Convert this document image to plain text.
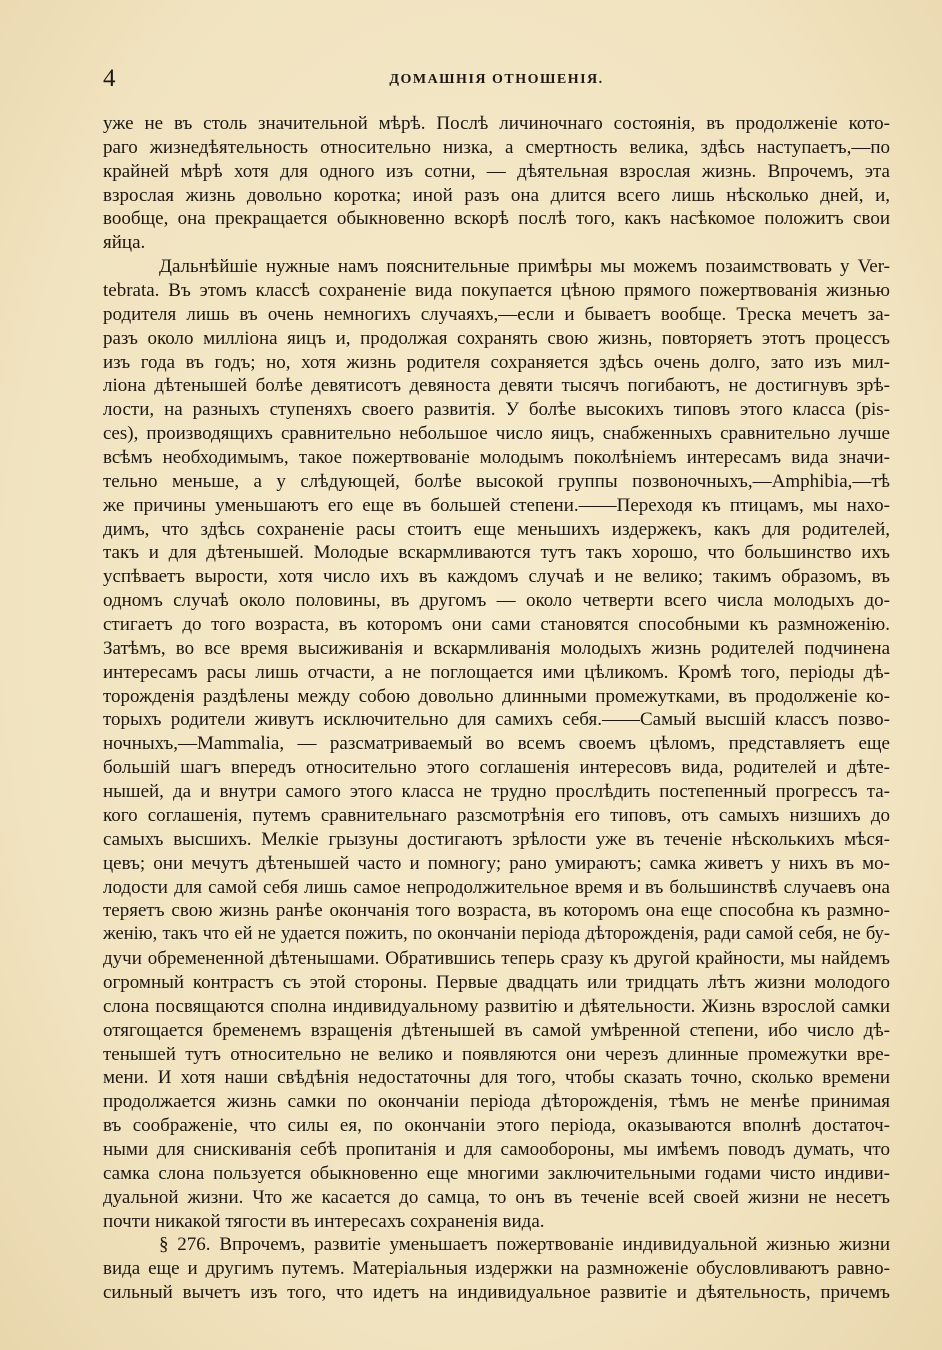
4	ДОМАШНІЯ ОТНОШЕНІЯ.
уже не въ столь значительной мѣрѣ. Послѣ личиночнаго состоянія, въ продолженіе кото-
раго жизнедѣятельность относительно низка, а смертность велика, здѣсь наступаетъ,—по
крайней мѣрѣ хотя для одного изъ сотни, — дѣятельная взрослая жизнь. Впрочемъ, эта
взрослая жизнь довольно коротка; иной разъ она длится всего лишь нѣсколько дней, и,
вообще, она прекращается обыкновенно вскорѣ послѣ того, какъ насѣкомое положитъ свои
яйца.
Дальнѣйшіе нужные намъ пояснительные примѣры мы можемъ позаимствовать у Ver-
tebrata. Въ этомъ классѣ сохраненіе вида покупается цѣною прямого пожертвованія жизнью
родителя лишь въ очень немногихъ случаяхъ,—если и бываетъ вообще. Треска мечетъ за-
разъ около милліона яицъ и, продолжая сохранять свою жизнь, повторяетъ этотъ процессъ
изъ года въ годъ; но, хотя жизнь родителя сохраняется здѣсь очень долго, зато изъ мил-
ліона дѣтенышей болѣе девятисотъ девяноста девяти тысячъ погибаютъ, не достигнувъ зрѣ-
лости, на разныхъ ступеняхъ своего развитія. У болѣе высокихъ типовъ этого класса (pis-
ces), производящихъ сравнительно небольшое число яицъ, снабженныхъ сравнительно лучше
всѣмъ необходимымъ, такое пожертвованіе молодымъ поколѣніемъ интересамъ вида значи-
тельно меньше, а у слѣдующей, болѣе высокой группы позвоночныхъ,—Amphibia,—тѣ
же причины уменьшаютъ его еще въ большей степени.——Переходя къ птицамъ, мы нахо-
димъ, что здѣсь сохраненіе расы стоитъ еще меньшихъ издержекъ, какъ для родителей,
такъ и для дѣтенышей. Молодые вскармливаются тутъ такъ хорошо, что большинство ихъ
успѣваетъ вырости, хотя число ихъ въ каждомъ случаѣ и не велико; такимъ образомъ, въ
одномъ случаѣ около половины, въ другомъ — около четверти всего числа молодыхъ до-
стигаетъ до того возраста, въ которомъ они сами становятся способными къ размноженію.
Затѣмъ, во все время высиживанія и вскармливанія молодыхъ жизнь родителей подчинена
интересамъ расы лишь отчасти, а не поглощается ими цѣликомъ. Кромѣ того, періоды дѣ-
торожденія раздѣлены между собою довольно длинными промежутками, въ продолженіе ко-
торыхъ родители живутъ исключительно для самихъ себя.——Самый высшій классъ позво-
ночныхъ,—Mammalia, — разсматриваемый во всемъ своемъ цѣломъ, представляетъ еще
большій шагъ впередъ относительно этого соглашенія интересовъ вида, родителей и дѣте-
нышей, да и внутри самого этого класса не трудно прослѣдить постепенный прогрессъ та-
кого соглашенія, путемъ сравнительнаго разсмотрѣнія его типовъ, отъ самыхъ низшихъ до
самыхъ высшихъ. Мелкіе грызуны достигаютъ зрѣлости уже въ теченіе нѣсколькихъ мѣся-
цевъ; они мечутъ дѣтенышей часто и помногу; рано умираютъ; самка живетъ у нихъ въ мо-
лодости для самой себя лишь самое непродолжительное время и въ большинствѣ случаевъ она
теряетъ свою жизнь ранѣе окончанія того возраста, въ которомъ она еще способна къ размно-
женію, такъ что ей не удается пожить, по окончаніи періода дѣторожденія, ради самой себя, не бу-
дучи обремененной дѣтенышами. Обратившись теперь сразу къ другой крайности, мы найдемъ
огромный контрастъ съ этой стороны. Первые двадцать или тридцать лѣтъ жизни молодого
слона посвящаются сполна индивидуальному развитію и дѣятельности. Жизнь взрослой самки
отягощается бременемъ взращенія дѣтенышей въ самой умѣренной степени, ибо число дѣ-
тенышей тутъ относительно не велико и появляются они черезъ длинные промежутки вре-
мени. И хотя наши свѣдѣнія недостаточны для того, чтобы сказать точно, сколько времени
продолжается жизнь самки по окончаніи періода дѣторожденія, тѣмъ не менѣе принимая
въ соображеніе, что силы ея, по окончаніи этого періода, оказываются вполнѣ достаточ-
ными для снискиванія себѣ пропитанія и для самообороны, мы имѣемъ поводъ думать, что
самка слона пользуется обыкновенно еще многими заключительными годами чисто индиви-
дуальной жизни. Что же касается до самца, то онъ въ теченіе всей своей жизни не несетъ
почти никакой тягости въ интересахъ сохраненія вида.
§ 276. Впрочемъ, развитіе уменьшаетъ пожертвованіе индивидуальной жизнью жизни
вида еще и другимъ путемъ. Матеріальныя издержки на размноженіе обусловливаютъ равно-
сильный вычетъ изъ того, что идетъ на индивидуальное развитіе и дѣятельность, причемъ
